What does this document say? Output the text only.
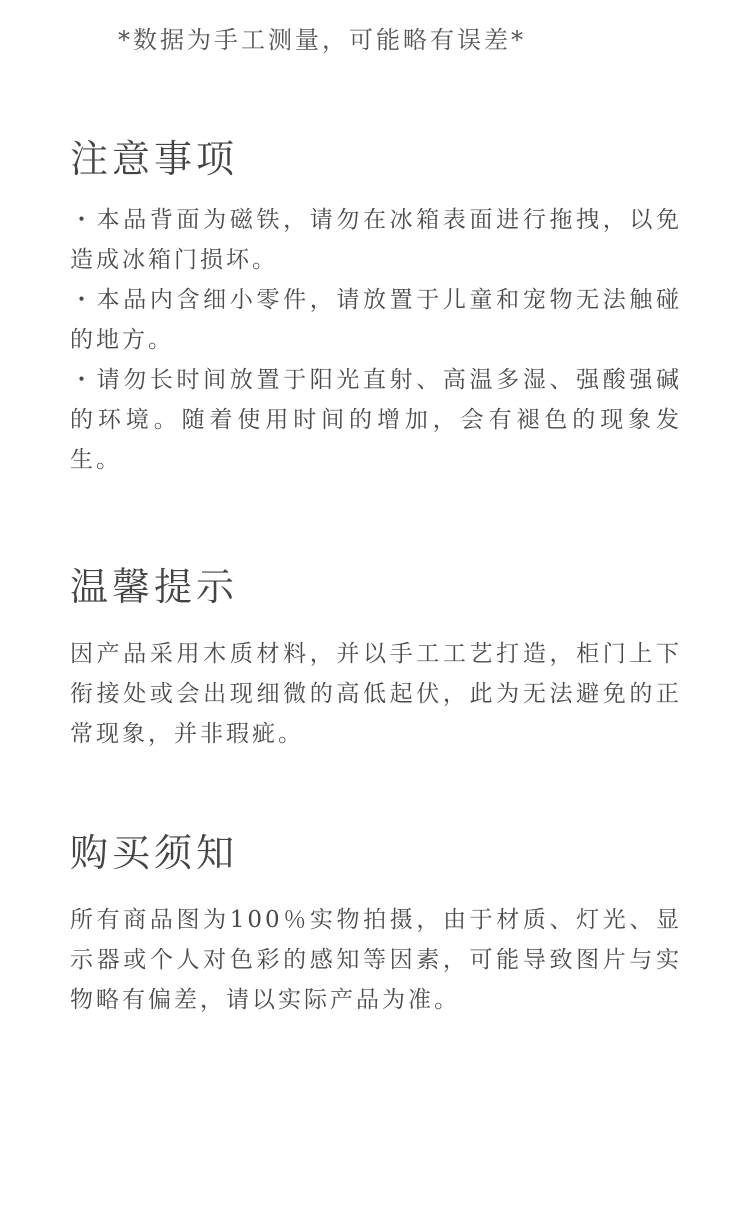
*数据为手工测量，可能略有误差*
注意事项

・本品背面为磁铁，请勿在冰箱表面进行拖拽，以免造成冰箱门损坏。

・本品内含细小零件，请放置于儿童和宠物无法触碰的地方。

・请勿长时间放置于阳光直射、高温多湿、强酸强碱的环境。随着使用时间的增加，会有褪色的现象发生。

温馨提示

因产品采用木质材料，并以手工工艺打造，柜门上下衔接处或会出现细微的高低起伏，此为无法避免的正常现象，并非瑕疵。

购买须知

所有商品图为100％实物拍摄，由于材质、灯光、显示器或个人对色彩的感知等因素，可能导致图片与实物略有偏差，请以实际产品为准。
